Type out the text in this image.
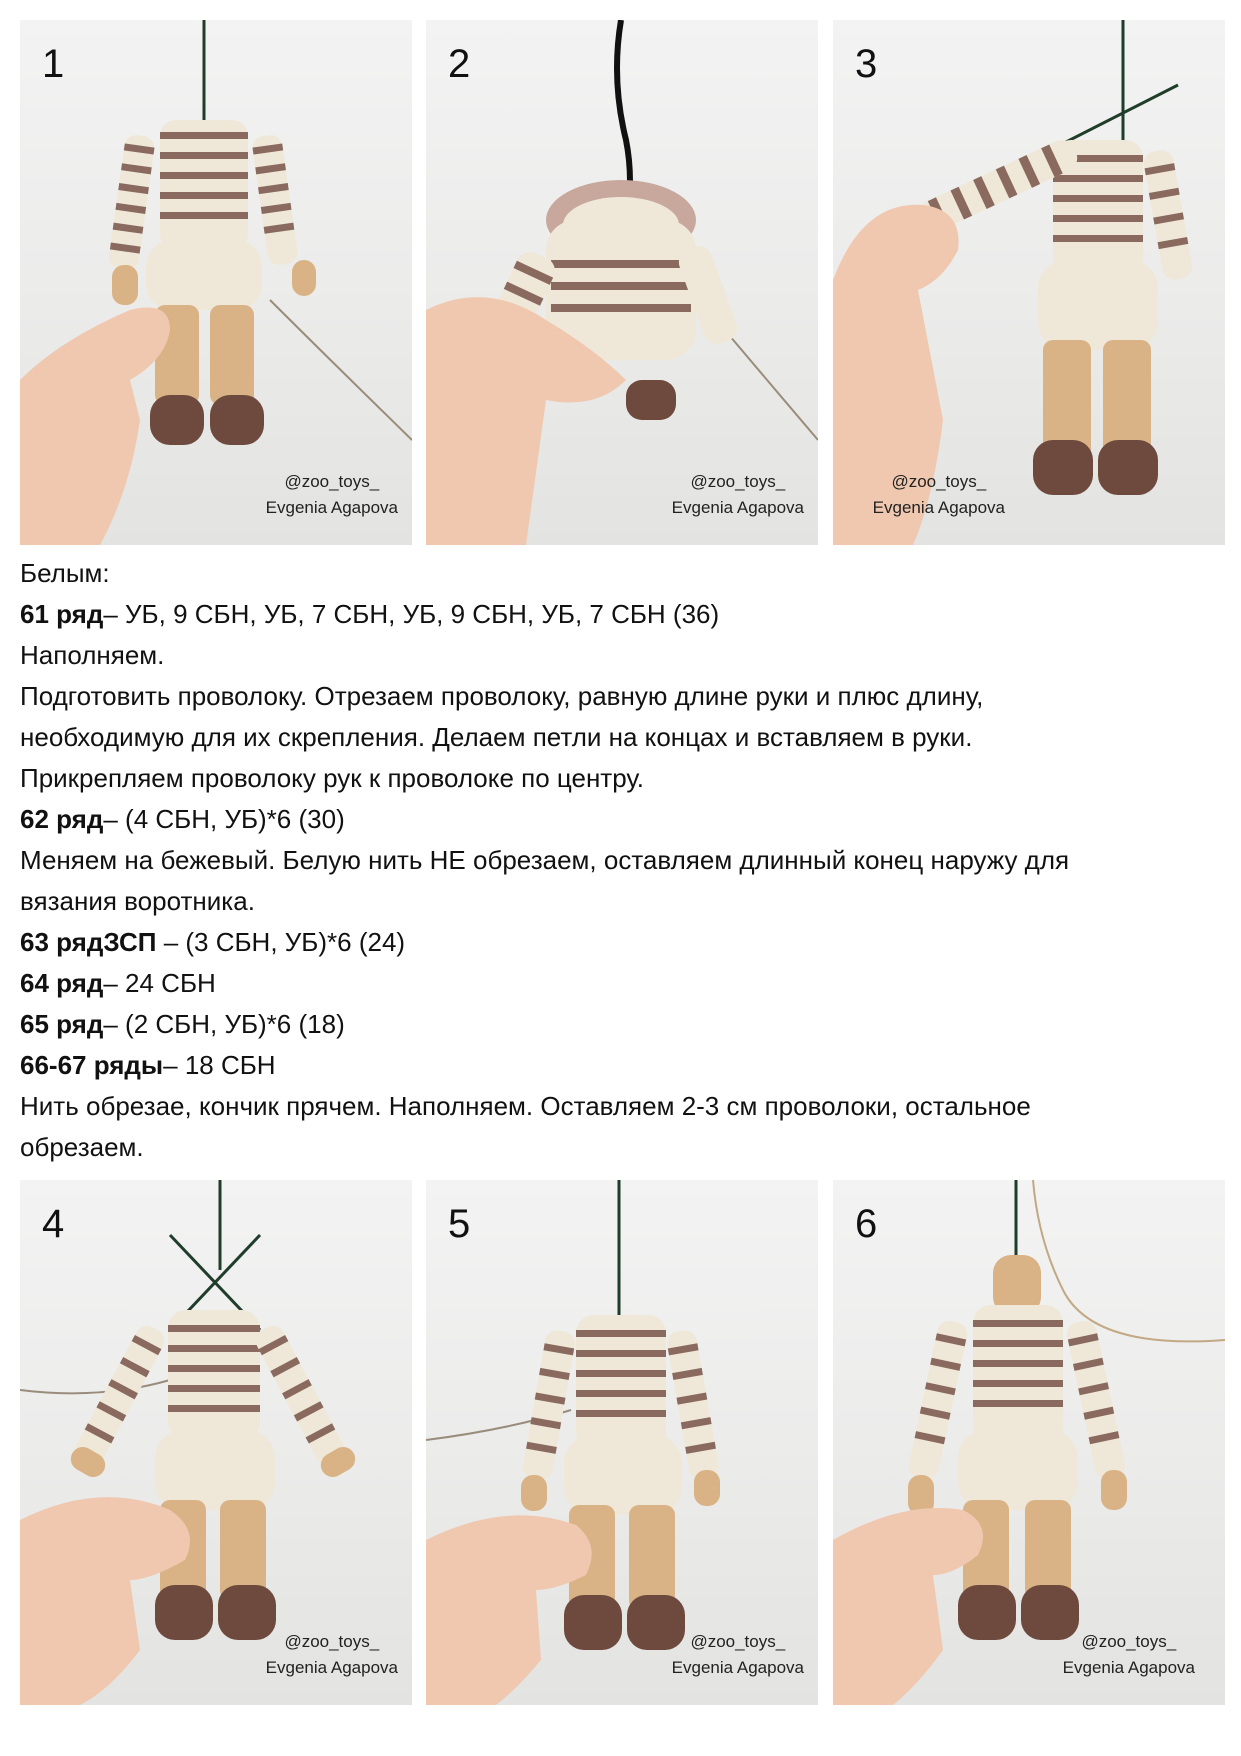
1
@zoo_toys_
Evgenia Agapova
2
@zoo_toys_
Evgenia Agapova
3
@zoo_toys_
Evgenia Agapova

Белым:

61 ряд– УБ, 9 СБН, УБ, 7 СБН, УБ, 9 СБН, УБ, 7 СБН (36)

Наполняем.

Подготовить проволоку. Отрезаем проволоку, равную длине руки и плюс длину,

необходимую для их скрепления. Делаем петли на концах и вставляем в руки.

Прикрепляем проволоку рук к проволоке по центру.

62 ряд– (4 СБН, УБ)*6 (30)

Меняем на бежевый. Белую нить НЕ обрезаем, оставляем длинный конец наружу для

вязания воротника.

63 рядЗСП – (3 СБН, УБ)*6 (24)

64 ряд– 24 СБН

65 ряд– (2 СБН, УБ)*6 (18)

66-67 ряды– 18 СБН

Нить обрезае, кончик прячем. Наполняем. Оставляем 2-3 см проволоки, остальное

обрезаем.

4
@zoo_toys_
Evgenia Agapova
5
@zoo_toys_
Evgenia Agapova
6
@zoo_toys_
Evgenia Agapova
